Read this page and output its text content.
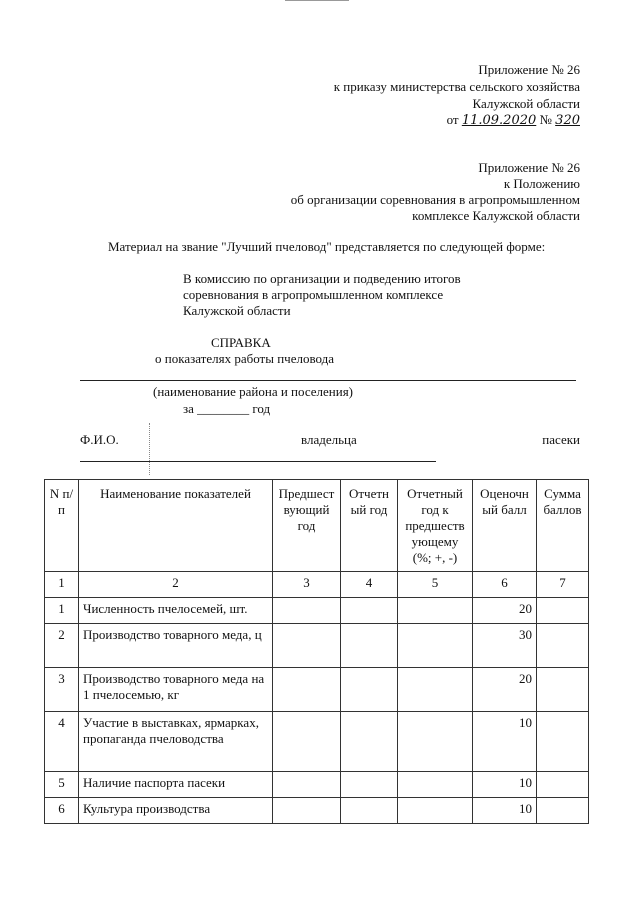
Приложение № 26
к приказу министерства сельского хозяйства
Калужской области
от 11.09.2020 № 320
Приложение № 26
к Положению
об организации соревнования в агропромышленном
комплексе Калужской области
Материал на звание "Лучший пчеловод" представляется по следующей форме:
В комиссию по организации и подведению итогов
соревнования в агропромышленном комплексе
Калужской области
СПРАВКА
о показателях работы пчеловода
(наименование района и поселения)
за ________ год
Ф.И.О.	владельца	пасеки
N п/п	Наименование показателей	Предшест вующий год	Отчетн ый год	Отчетный год к предшеств ующему (%; +, -)	Оценочн ый балл	Сумма баллов
1	2	3	4	5	6	7
1	Численность пчелосемей, шт.				20	
2	Производство товарного меда, ц				30	
3	Производство товарного меда на 1 пчелосемью, кг				20	
4	Участие в выставках, ярмарках, пропаганда пчеловодства				10	
5	Наличие паспорта пасеки				10	
6	Культура производства				10	
